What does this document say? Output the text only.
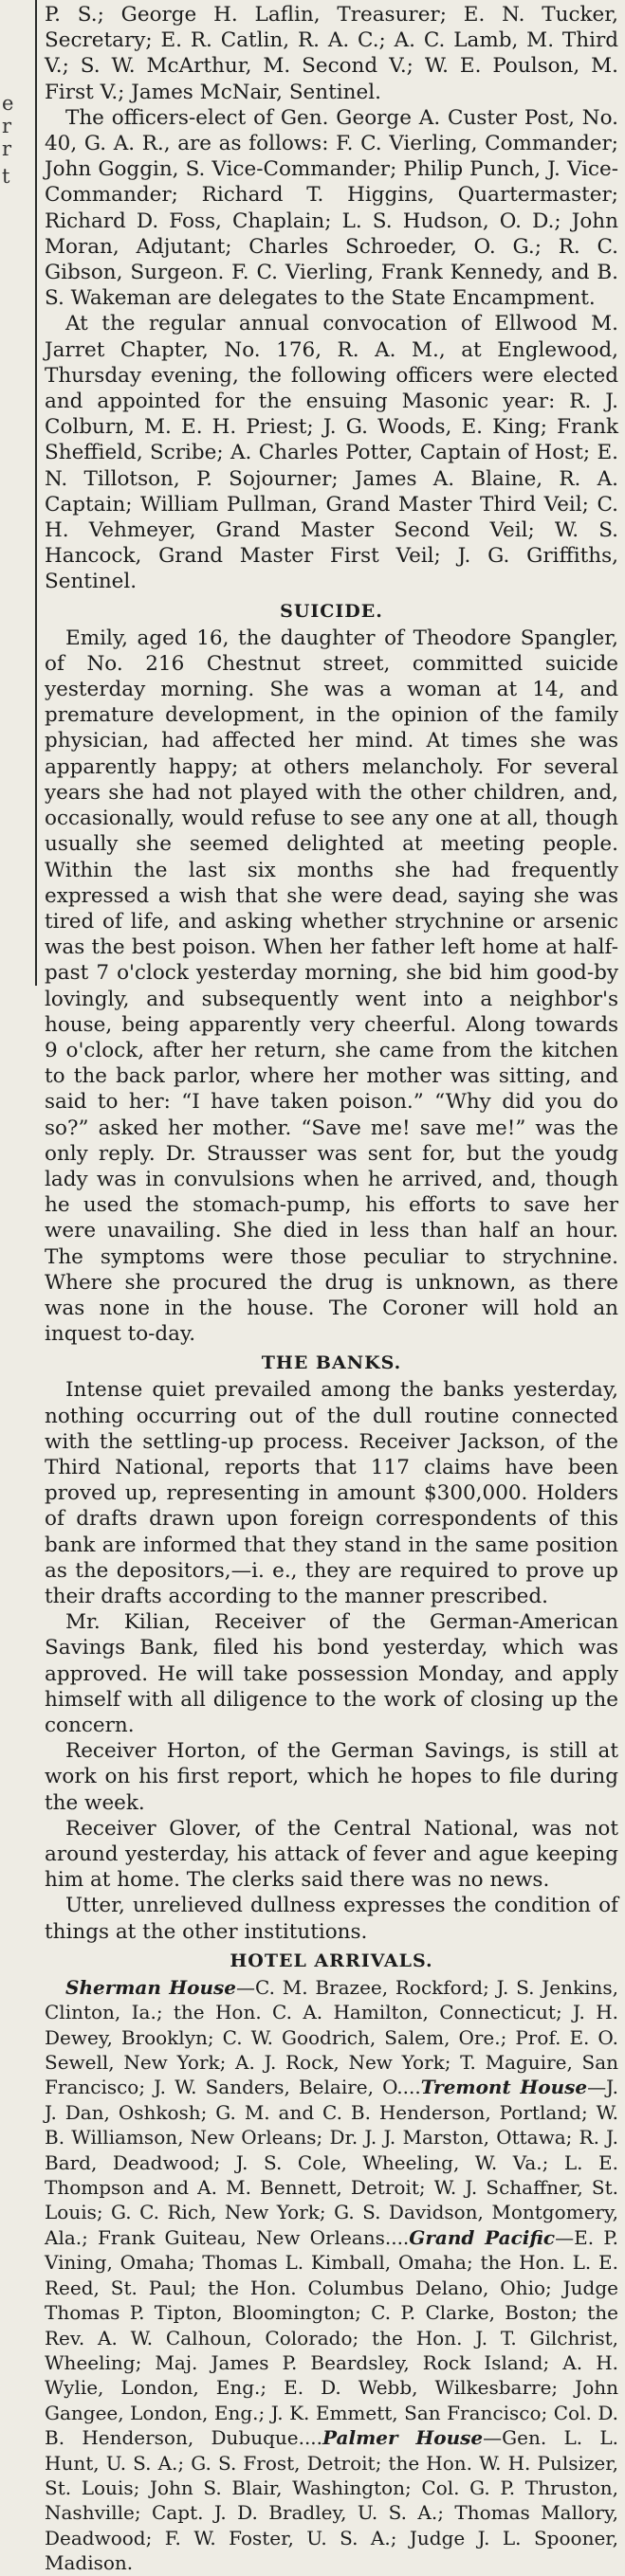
e
r
r
t

P. S.; George H. Laflin, Treasurer; E. N. Tucker, Secretary; E. R. Catlin, R. A. C.; A. C. Lamb, M. Third V.; S. W. McArthur, M. Second V.; W. E. Poulson, M. First V.; James McNair, Sentinel.

The officers-elect of Gen. George A. Custer Post, No. 40, G. A. R., are as follows: F. C. Vierling, Commander; John Goggin, S. Vice-Commander; Philip Punch, J. Vice-Commander; Richard T. Higgins, Quartermaster; Richard D. Foss, Chaplain; L. S. Hudson, O. D.; John Moran, Adjutant; Charles Schroeder, O. G.; R. C. Gibson, Surgeon. F. C. Vierling, Frank Kennedy, and B. S. Wakeman are delegates to the State Encampment.

At the regular annual convocation of Ellwood M. Jarret Chapter, No. 176, R. A. M., at Englewood, Thursday evening, the following officers were elected and appointed for the ensuing Masonic year: R. J. Colburn, M. E. H. Priest; J. G. Woods, E. King; Frank Sheffield, Scribe; A. Charles Potter, Captain of Host; E. N. Tillotson, P. Sojourner; James A. Blaine, R. A. Captain; William Pullman, Grand Master Third Veil; C. H. Vehmeyer, Grand Master Second Veil; W. S. Hancock, Grand Master First Veil; J. G. Griffiths, Sentinel.

SUICIDE.

Emily, aged 16, the daughter of Theodore Spangler, of No. 216 Chestnut street, committed suicide yesterday morning. She was a woman at 14, and premature development, in the opinion of the family physician, had affected her mind. At times she was apparently happy; at others melancholy. For several years she had not played with the other children, and, occasionally, would refuse to see any one at all, though usually she seemed delighted at meeting people. Within the last six months she had frequently expressed a wish that she were dead, saying she was tired of life, and asking whether strychnine or arsenic was the best poison. When her father left home at half-past 7 o'clock yesterday morning, she bid him good-by lovingly, and subsequently went into a neighbor's house, being apparently very cheerful. Along towards 9 o'clock, after her return, she came from the kitchen to the back parlor, where her mother was sitting, and said to her: “I have taken poison.” “Why did you do so?” asked her mother. “Save me! save me!” was the only reply. Dr. Strausser was sent for, but the youdg lady was in convulsions when he arrived, and, though he used the stomach-pump, his efforts to save her were unavailing. She died in less than half an hour. The symptoms were those peculiar to strychnine. Where she procured the drug is unknown, as there was none in the house. The Coroner will hold an inquest to-day.

THE BANKS.

Intense quiet prevailed among the banks yesterday, nothing occurring out of the dull routine connected with the settling-up process. Receiver Jackson, of the Third National, reports that 117 claims have been proved up, representing in amount $300,000. Holders of drafts drawn upon foreign correspondents of this bank are informed that they stand in the same position as the depositors,—i. e., they are required to prove up their drafts according to the manner prescribed.

Mr. Kilian, Receiver of the German-American Savings Bank, filed his bond yesterday, which was approved. He will take possession Monday, and apply himself with all diligence to the work of closing up the concern.

Receiver Horton, of the German Savings, is still at work on his first report, which he hopes to file during the week.

Receiver Glover, of the Central National, was not around yesterday, his attack of fever and ague keeping him at home. The clerks said there was no news.

Utter, unrelieved dullness expresses the condition of things at the other institutions.

HOTEL ARRIVALS.

Sherman House—C. M. Brazee, Rockford; J. S. Jenkins, Clinton, Ia.; the Hon. C. A. Hamilton, Connecticut; J. H. Dewey, Brooklyn; C. W. Goodrich, Salem, Ore.; Prof. E. O. Sewell, New York; A. J. Rock, New York; T. Maguire, San Francisco; J. W. Sanders, Belaire, O....Tremont House—J. J. Dan, Oshkosh; G. M. and C. B. Henderson, Portland; W. B. Williamson, New Orleans; Dr. J. J. Marston, Ottawa; R. J. Bard, Deadwood; J. S. Cole, Wheeling, W. Va.; L. E. Thompson and A. M. Bennett, Detroit; W. J. Schaffner, St. Louis; G. C. Rich, New York; G. S. Davidson, Montgomery, Ala.; Frank Guiteau, New Orleans....Grand Pacific—E. P. Vining, Omaha; Thomas L. Kimball, Omaha; the Hon. L. E. Reed, St. Paul; the Hon. Columbus Delano, Ohio; Judge Thomas P. Tipton, Bloomington; C. P. Clarke, Boston; the Rev. A. W. Calhoun, Colorado; the Hon. J. T. Gilchrist, Wheeling; Maj. James P. Beardsley, Rock Island; A. H. Wylie, London, Eng.; E. D. Webb, Wilkesbarre; John Gangee, London, Eng.; J. K. Emmett, San Francisco; Col. D. B. Henderson, Dubuque....Palmer House—Gen. L. L. Hunt, U. S. A.; G. S. Frost, Detroit; the Hon. W. H. Pulsizer, St. Louis; John S. Blair, Washington; Col. G. P. Thruston, Nashville; Capt. J. D. Bradley, U. S. A.; Thomas Mallory, Deadwood; F. W. Foster, U. S. A.; Judge J. L. Spooner, Madison.
